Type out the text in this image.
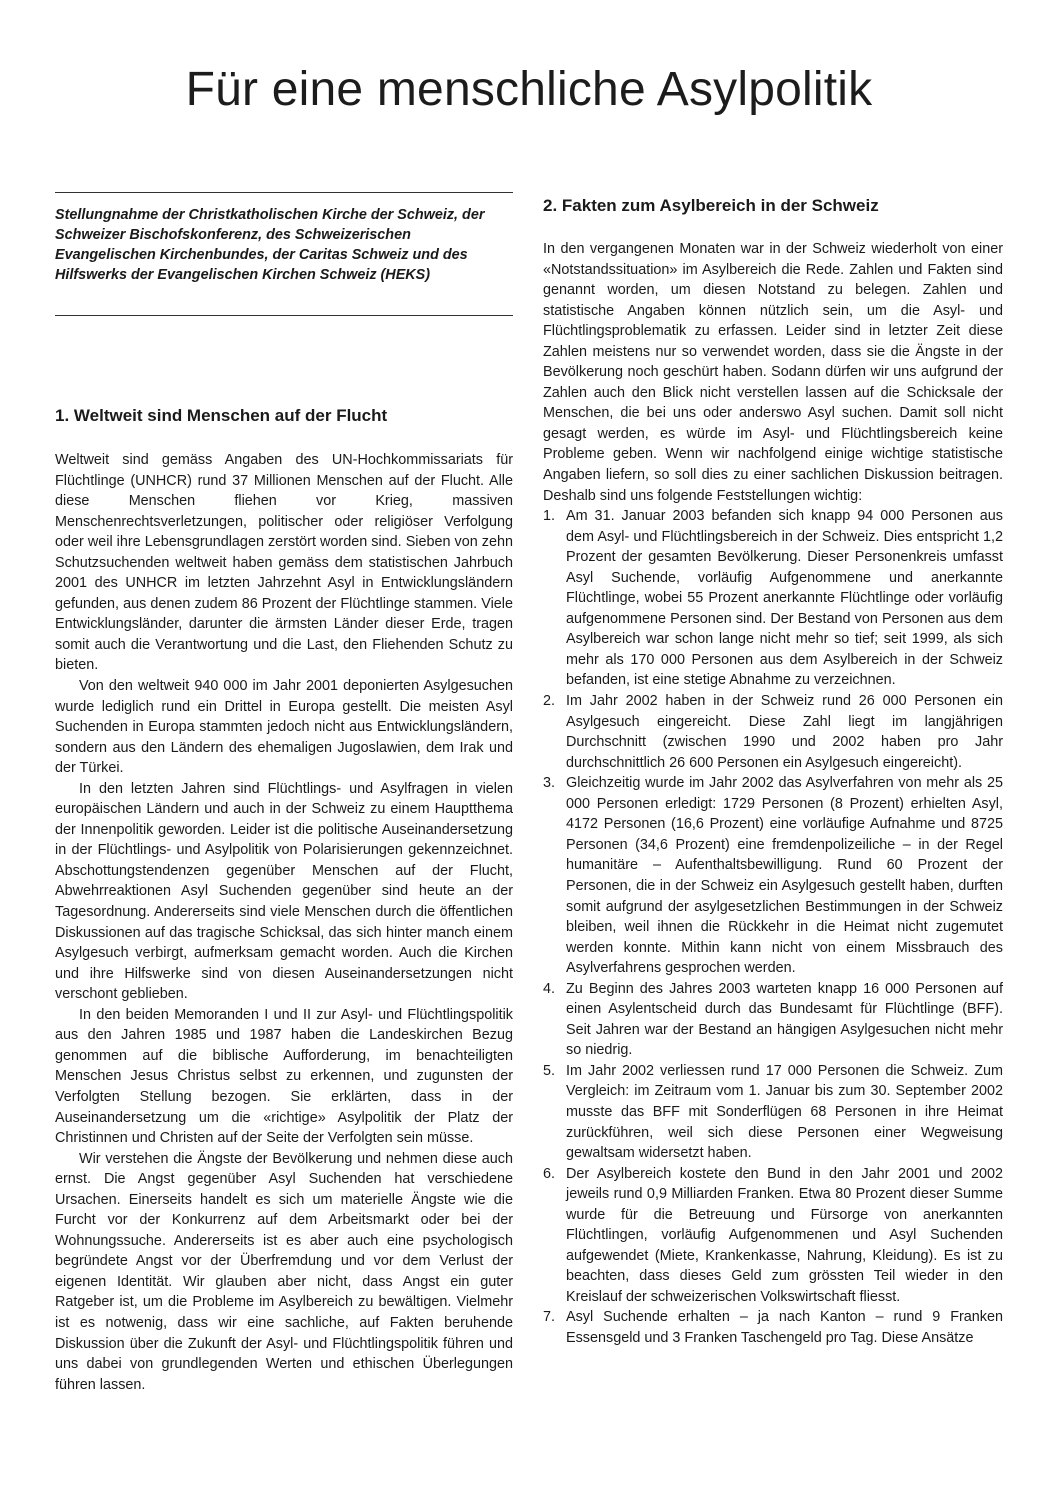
Für eine menschliche Asylpolitik

Stellungnahme der Christkatholischen Kirche der Schweiz, der Schweizer Bischofskonferenz, des Schweizerischen Evangelischen Kirchenbundes, der Caritas Schweiz und des Hilfswerks der Evangelischen Kirchen Schweiz (HEKS)

1. Weltweit sind Menschen auf der Flucht

Weltweit sind gemäss Angaben des UN-Hochkommissariats für Flüchtlinge (UNHCR) rund 37 Millionen Menschen auf der Flucht. Alle diese Menschen fliehen vor Krieg, massiven Menschenrechtsverletzungen, politischer oder religiöser Verfolgung oder weil ihre Lebensgrundlagen zerstört worden sind. Sieben von zehn Schutzsuchenden weltweit haben gemäss dem statistischen Jahrbuch 2001 des UNHCR im letzten Jahrzehnt Asyl in Entwicklungsländern gefunden, aus denen zudem 86 Prozent der Flüchtlinge stammen. Viele Entwicklungsländer, darunter die ärmsten Länder dieser Erde, tragen somit auch die Verantwortung und die Last, den Fliehenden Schutz zu bieten.

Von den weltweit 940 000 im Jahr 2001 deponierten Asylgesuchen wurde lediglich rund ein Drittel in Europa gestellt. Die meisten Asyl Suchenden in Europa stammten jedoch nicht aus Entwicklungsländern, sondern aus den Ländern des ehemaligen Jugoslawien, dem Irak und der Türkei.

In den letzten Jahren sind Flüchtlings- und Asylfragen in vielen europäischen Ländern und auch in der Schweiz zu einem Hauptthema der Innenpolitik geworden. Leider ist die politische Auseinandersetzung in der Flüchtlings- und Asylpolitik von Polarisierungen gekennzeichnet. Abschottungstendenzen gegenüber Menschen auf der Flucht, Abwehrreaktionen Asyl Suchenden gegenüber sind heute an der Tagesordnung. Andererseits sind viele Menschen durch die öffentlichen Diskussionen auf das tragische Schicksal, das sich hinter manch einem Asylgesuch verbirgt, aufmerksam gemacht worden. Auch die Kirchen und ihre Hilfswerke sind von diesen Auseinandersetzungen nicht verschont geblieben.

In den beiden Memoranden I und II zur Asyl- und Flüchtlingspolitik aus den Jahren 1985 und 1987 haben die Landeskirchen Bezug genommen auf die biblische Aufforderung, im benachteiligten Menschen Jesus Christus selbst zu erkennen, und zugunsten der Verfolgten Stellung bezogen. Sie erklärten, dass in der Auseinandersetzung um die «richtige» Asylpolitik der Platz der Christinnen und Christen auf der Seite der Verfolgten sein müsse.

Wir verstehen die Ängste der Bevölkerung und nehmen diese auch ernst. Die Angst gegenüber Asyl Suchenden hat verschiedene Ursachen. Einerseits handelt es sich um materielle Ängste wie die Furcht vor der Konkurrenz auf dem Arbeitsmarkt oder bei der Wohnungssuche. Andererseits ist es aber auch eine psychologisch begründete Angst vor der Überfremdung und vor dem Verlust der eigenen Identität. Wir glauben aber nicht, dass Angst ein guter Ratgeber ist, um die Probleme im Asylbereich zu bewältigen. Vielmehr ist es notwenig, dass wir eine sachliche, auf Fakten beruhende Diskussion über die Zukunft der Asyl- und Flüchtlingspolitik führen und uns dabei von grundlegenden Werten und ethischen Überlegungen führen lassen.

2. Fakten zum Asylbereich in der Schweiz

In den vergangenen Monaten war in der Schweiz wiederholt von einer «Notstandssituation» im Asylbereich die Rede. Zahlen und Fakten sind genannt worden, um diesen Notstand zu belegen. Zahlen und statistische Angaben können nützlich sein, um die Asyl- und Flüchtlingsproblematik zu erfassen. Leider sind in letzter Zeit diese Zahlen meistens nur so verwendet worden, dass sie die Ängste in der Bevölkerung noch geschürt haben. Sodann dürfen wir uns aufgrund der Zahlen auch den Blick nicht verstellen lassen auf die Schicksale der Menschen, die bei uns oder anderswo Asyl suchen. Damit soll nicht gesagt werden, es würde im Asyl- und Flüchtlingsbereich keine Probleme geben. Wenn wir nachfolgend einige wichtige statistische Angaben liefern, so soll dies zu einer sachlichen Diskussion beitragen. Deshalb sind uns folgende Feststellungen wichtig:

1. Am 31. Januar 2003 befanden sich knapp 94 000 Personen aus dem Asyl- und Flüchtlingsbereich in der Schweiz. Dies entspricht 1,2 Prozent der gesamten Bevölkerung. Dieser Personenkreis umfasst Asyl Suchende, vorläufig Aufgenommene und anerkannte Flüchtlinge, wobei 55 Prozent anerkannte Flüchtlinge oder vorläufig aufgenommene Personen sind. Der Bestand von Personen aus dem Asylbereich war schon lange nicht mehr so tief; seit 1999, als sich mehr als 170 000 Personen aus dem Asylbereich in der Schweiz befanden, ist eine stetige Abnahme zu verzeichnen.
2. Im Jahr 2002 haben in der Schweiz rund 26 000 Personen ein Asylgesuch eingereicht. Diese Zahl liegt im langjährigen Durchschnitt (zwischen 1990 und 2002 haben pro Jahr durchschnittlich 26 600 Personen ein Asylgesuch eingereicht).
3. Gleichzeitig wurde im Jahr 2002 das Asylverfahren von mehr als 25 000 Personen erledigt: 1729 Personen (8 Prozent) erhielten Asyl, 4172 Personen (16,6 Prozent) eine vorläufige Aufnahme und 8725 Personen (34,6 Prozent) eine fremdenpolizeiliche – in der Regel humanitäre – Aufenthaltsbewilligung. Rund 60 Prozent der Personen, die in der Schweiz ein Asylgesuch gestellt haben, durften somit aufgrund der asylgesetzlichen Bestimmungen in der Schweiz bleiben, weil ihnen die Rückkehr in die Heimat nicht zugemutet werden konnte. Mithin kann nicht von einem Missbrauch des Asylverfahrens gesprochen werden.
4. Zu Beginn des Jahres 2003 warteten knapp 16 000 Personen auf einen Asylentscheid durch das Bundesamt für Flüchtlinge (BFF). Seit Jahren war der Bestand an hängigen Asylgesuchen nicht mehr so niedrig.
5. Im Jahr 2002 verliessen rund 17 000 Personen die Schweiz. Zum Vergleich: im Zeitraum vom 1. Januar bis zum 30. September 2002 musste das BFF mit Sonderflügen 68 Personen in ihre Heimat zurückführen, weil sich diese Personen einer Wegweisung gewaltsam widersetzt haben.
6. Der Asylbereich kostete den Bund in den Jahr 2001 und 2002 jeweils rund 0,9 Milliarden Franken. Etwa 80 Prozent dieser Summe wurde für die Betreuung und Fürsorge von anerkannten Flüchtlingen, vorläufig Aufgenommenen und Asyl Suchenden aufgewendet (Miete, Krankenkasse, Nahrung, Kleidung). Es ist zu beachten, dass dieses Geld zum grössten Teil wieder in den Kreislauf der schweizerischen Volkswirtschaft fliesst.
7. Asyl Suchende erhalten – ja nach Kanton – rund 9 Franken Essensgeld und 3 Franken Taschengeld pro Tag. Diese Ansätze
